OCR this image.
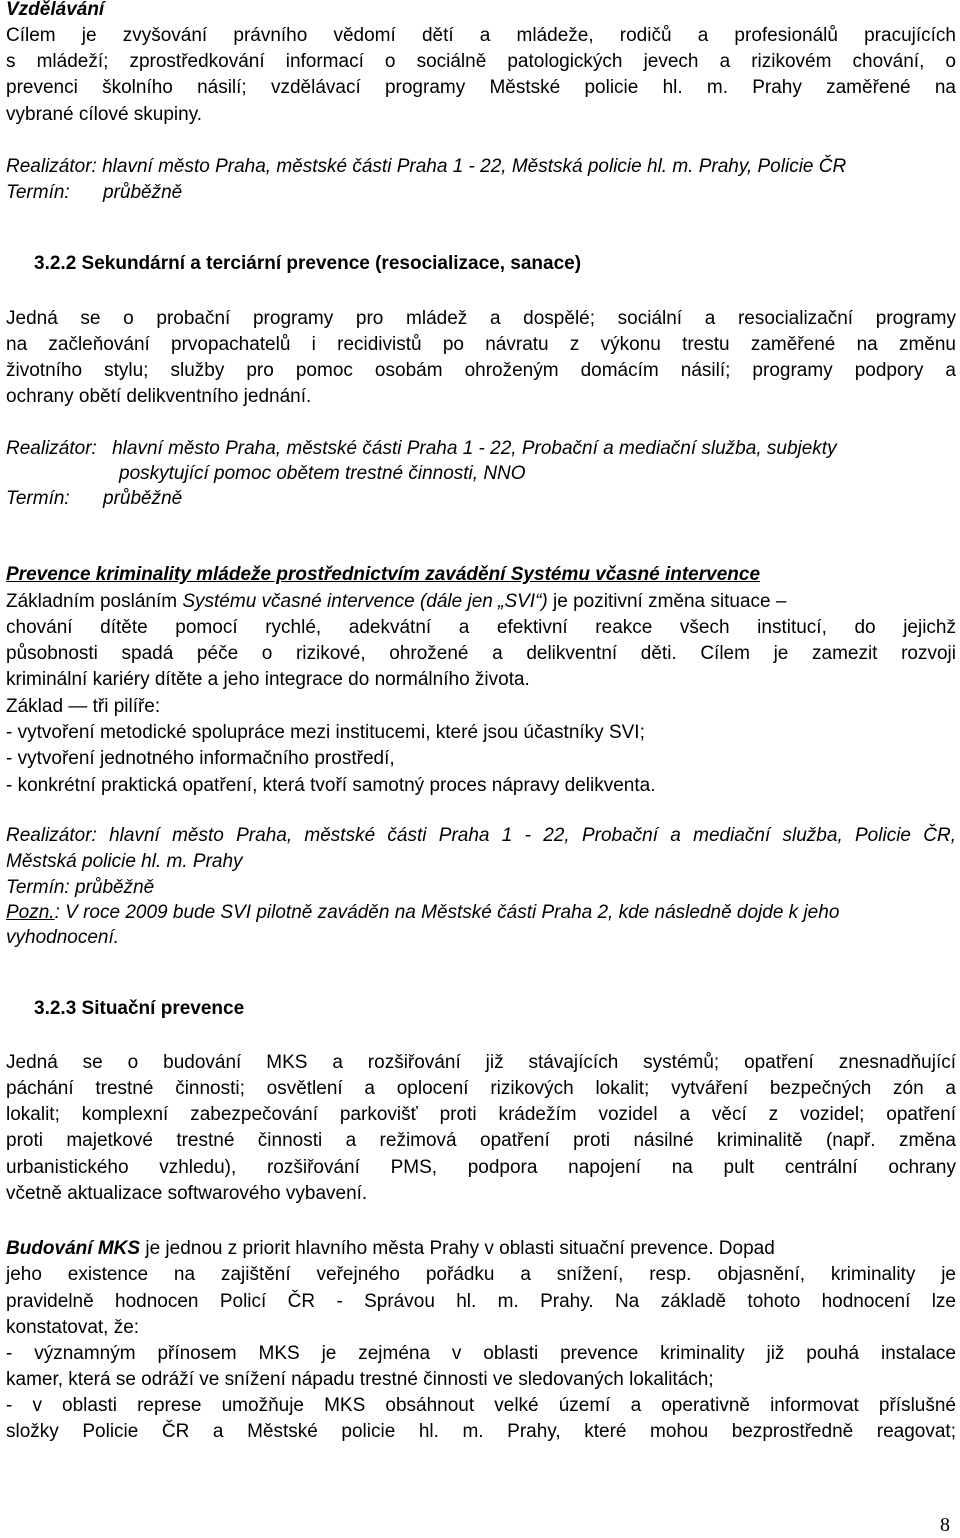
Vzdělávání
Cílem je zvyšování právního vědomí dětí a mládeže, rodičů a profesionálů pracujících
s mládeží; zprostředkování informací o sociálně patologických jevech a rizikovém chování, o
prevenci školního násilí; vzdělávací programy Městské policie hl. m. Prahy zaměřené na
vybrané cílové skupiny.
Realizátor: hlavní město Praha, městské části Praha 1 - 22, Městská policie hl. m. Prahy, Policie ČR
Termín: průběžně
3.2.2 Sekundární a terciární prevence (resocializace, sanace)
Jedná se o probační programy pro mládež a dospělé; sociální a resocializační programy
na začleňování prvopachatelů i recidivistů po návratu z výkonu trestu zaměřené na změnu
životního stylu; služby pro pomoc osobám ohroženým domácím násilí; programy podpory a
ochrany obětí delikventního jednání.
Realizátor: hlavní město Praha, městské části Praha 1 - 22, Probační a mediační služba, subjekty
poskytující pomoc obětem trestné činnosti, NNO
Termín: průběžně
Prevence kriminality mládeže prostřednictvím zavádění Systému včasné intervence
Základním posláním Systému včasné intervence (dále jen „SVI“) je pozitivní změna situace –
chování dítěte pomocí rychlé, adekvátní a efektivní reakce všech institucí, do jejichž
působnosti spadá péče o rizikové, ohrožené a delikventní děti. Cílem je zamezit rozvoji
kriminální kariéry dítěte a jeho integrace do normálního života.
Základ — tři pilíře:
- vytvoření metodické spolupráce mezi institucemi, které jsou účastníky SVI;
- vytvoření jednotného informačního prostředí,
- konkrétní praktická opatření, která tvoří samotný proces nápravy delikventa.
Realizátor: hlavní město Praha, městské části Praha 1 - 22, Probační a mediační služba, Policie ČR,
Městská policie hl. m. Prahy
Termín: průběžně
Pozn.: V roce 2009 bude SVI pilotně zaváděn na Městské části Praha 2, kde následně dojde k jeho
vyhodnocení.
3.2.3 Situační prevence
Jedná se o budování MKS a rozšiřování již stávajících systémů; opatření znesnadňující
páchání trestné činnosti; osvětlení a oplocení rizikových lokalit; vytváření bezpečných zón a
lokalit; komplexní zabezpečování parkovišť proti krádežím vozidel a věcí z vozidel; opatření
proti majetkové trestné činnosti a režimová opatření proti násilné kriminalitě (např. změna
urbanistického vzhledu), rozšiřování PMS, podpora napojení na pult centrální ochrany
včetně aktualizace softwarového vybavení.
Budování MKS je jednou z priorit hlavního města Prahy v oblasti situační prevence. Dopad
jeho existence na zajištění veřejného pořádku a snížení, resp. objasnění, kriminality je
pravidelně hodnocen Policí ČR - Správou hl. m. Prahy. Na základě tohoto hodnocení lze
konstatovat, že:
- významným přínosem MKS je zejména v oblasti prevence kriminality již pouhá instalace
kamer, která se odráží ve snížení nápadu trestné činnosti ve sledovaných lokalitách;
- v oblasti represe umožňuje MKS obsáhnout velké území a operativně informovat příslušné
složky Policie ČR a Městské policie hl. m. Prahy, které mohou bezprostředně reagovat;
8
